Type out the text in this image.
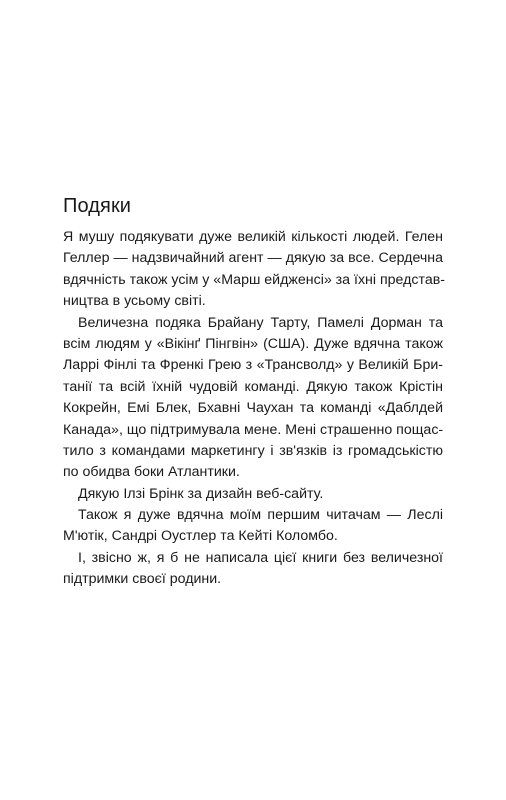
Подяки
Я мушу подякувати дуже великій кількості людей. Гелен
Геллер — надзвичайний агент — дякую за все. Сердечна
вдячність також усім у «Марш ейдженсі» за їхні представ-
ництва в усьому світі.
Величезна подяка Брайану Тарту, Памелі Дорман та
всім людям у «Вікінґ Пінгвін» (США). Дуже вдячна також
Ларрі Фінлі та Френкі Грею з «Трансволд» у Великій Бри-
танії та всій їхній чудовій команді. Дякую також Крістін
Кокрейн, Емі Блек, Бхавні Чаухан та команді «Даблдей
Канада», що підтримувала мене. Мені страшенно пощас-
тило з командами маркетингу і зв'язків із громадськістю
по обидва боки Атлантики.
Дякую Ілзі Брінк за дизайн веб-сайту.
Також я дуже вдячна моїм першим читачам — Леслі
М'ютік, Сандрі Оустлер та Кейті Коломбо.
І, звісно ж, я б не написала цієї книги без величезної
підтримки своєї родини.
